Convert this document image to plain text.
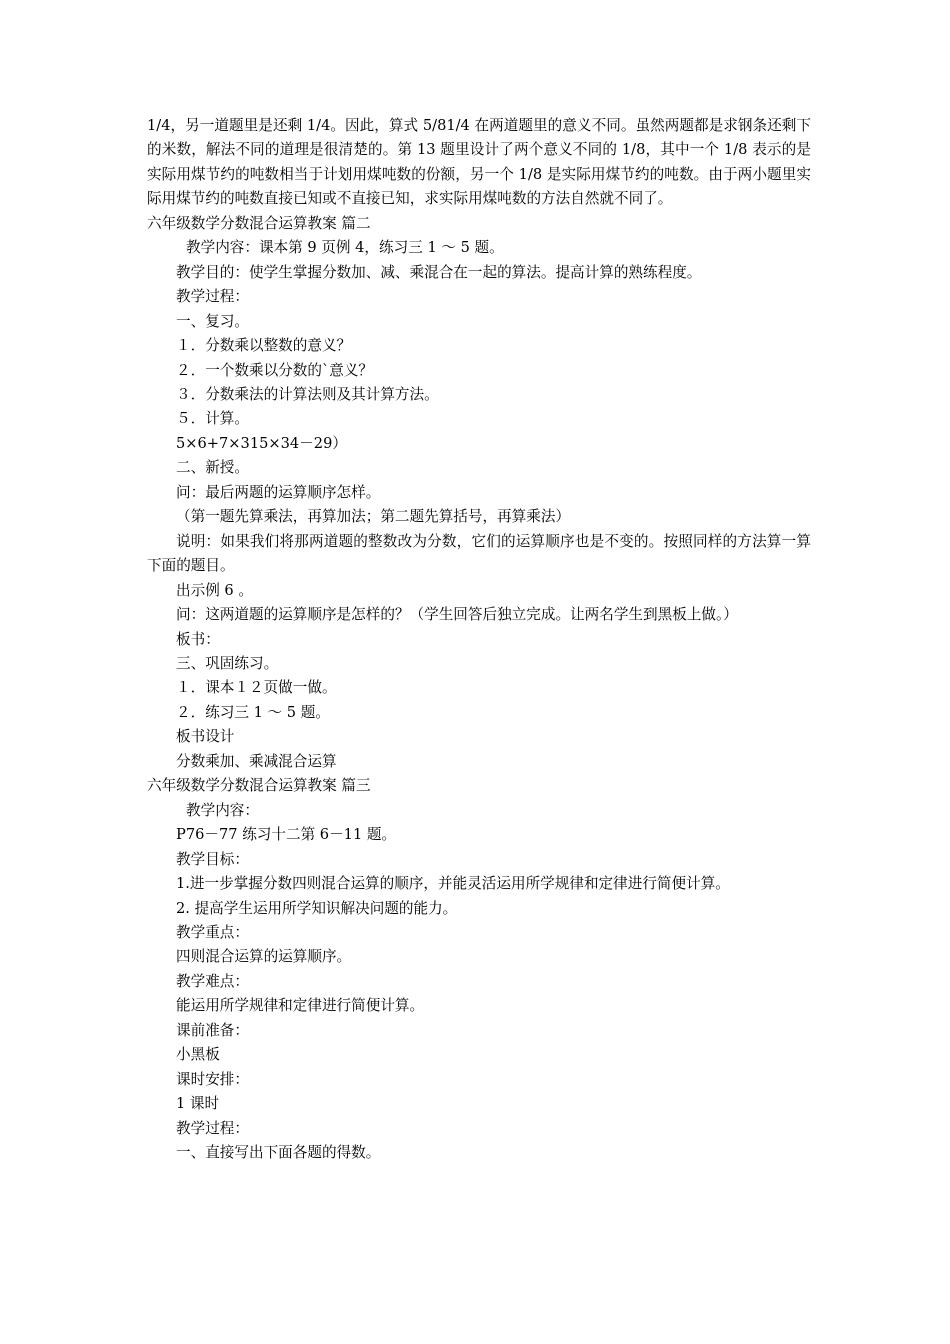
1/4，另一道题里是还剩 1/4。因此，算式 5/81/4 在两道题里的意义不同。虽然两题都是求钢条还剩下的米数，解法不同的道理是很清楚的。第 13 题里设计了两个意义不同的 1/8，其中一个 1/8 表示的是实际用煤节约的吨数相当于计划用煤吨数的份额，另一个 1/8 是实际用煤节约的吨数。由于两小题里实际用煤节约的吨数直接已知或不直接已知，求实际用煤吨数的方法自然就不同了。

六年级数学分数混合运算教案 篇二

教学内容：课本第 9 页例 4，练习三 1 ～ 5 题。

教学目的：使学生掌握分数加、减、乘混合在一起的算法。提高计算的熟练程度。

教学过程：

一、复习。

１．分数乘以整数的意义？

２．一个数乘以分数的`意义？

３．分数乘法的计算法则及其计算方法。

５．计算。

5×6+7×315×34－29）

二、新授。

问：最后两题的运算顺序怎样。

（第一题先算乘法，再算加法；第二题先算括号，再算乘法）

说明：如果我们将那两道题的整数改为分数，它们的运算顺序也是不变的。按照同样的方法算一算下面的题目。

出示例 6 。

问：这两道题的运算顺序是怎样的？（学生回答后独立完成。让两名学生到黑板上做。）

板书：

三、巩固练习。

１．课本１２页做一做。

２．练习三 1 ～ 5 题。

板书设计

分数乘加、乘减混合运算

六年级数学分数混合运算教案 篇三

教学内容：

P76－77 练习十二第 6－11 题。

教学目标：

1.进一步掌握分数四则混合运算的顺序，并能灵活运用所学规律和定律进行简便计算。

2. 提高学生运用所学知识解决问题的能力。

教学重点：

四则混合运算的运算顺序。

教学难点：

能运用所学规律和定律进行简便计算。

课前准备：

小黑板

课时安排：

1 课时

教学过程：

一、直接写出下面各题的得数。
